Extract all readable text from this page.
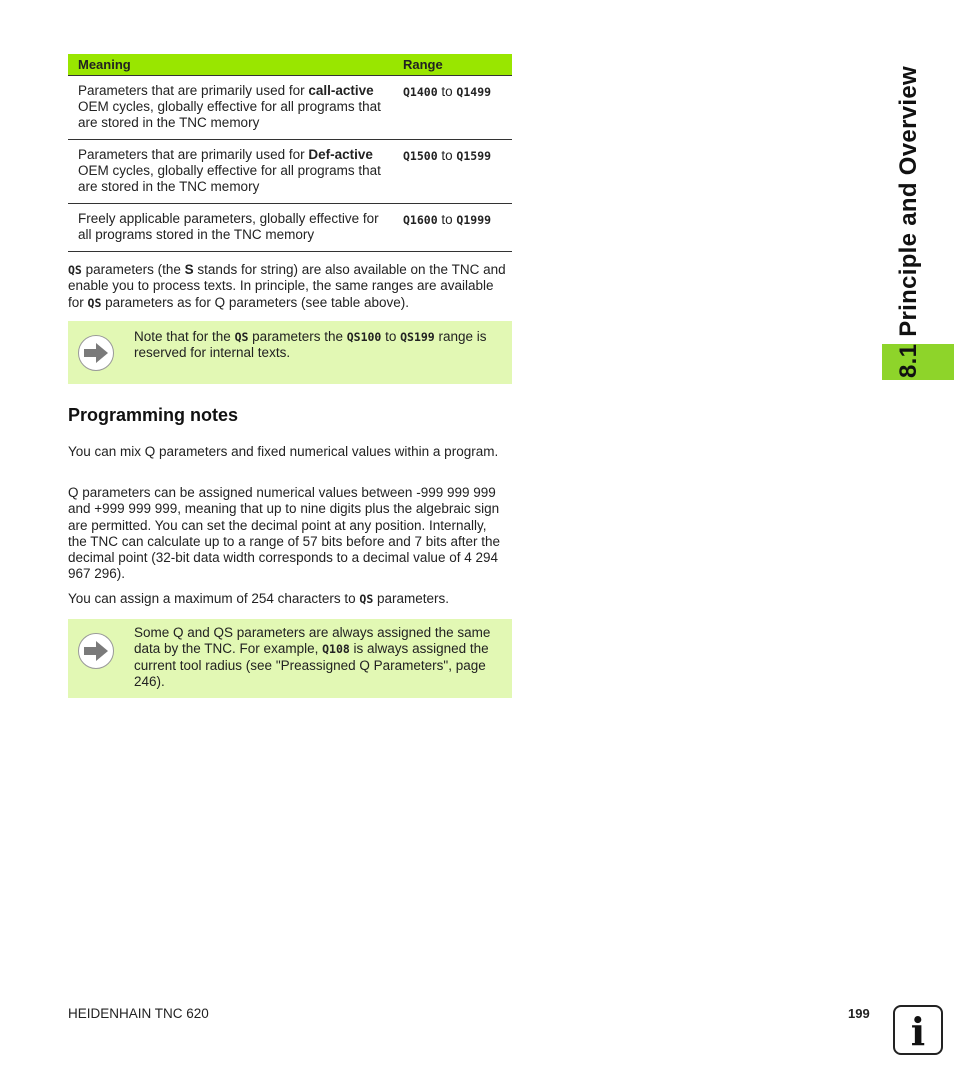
Meaning	Range
Parameters that are primarily used for call-active OEM cycles, globally effective for all programs that are stored in the TNC memory	Q1400 to Q1499
Parameters that are primarily used for Def-active OEM cycles, globally effective for all programs that are stored in the TNC memory	Q1500 to Q1599
Freely applicable parameters, globally effective for all programs stored in the TNC memory	Q1600 to Q1999

QS parameters (the S stands for string) are also available on the TNC and enable you to process texts. In principle, the same ranges are available for QS parameters as for Q parameters (see table above).

Note that for the QS parameters the QS100 to QS199 range is reserved for internal texts.
Programming notes

You can mix Q parameters and fixed numerical values within a program.

Q parameters can be assigned numerical values between -999 999 999 and +999 999 999, meaning that up to nine digits plus the algebraic sign are permitted. You can set the decimal point at any position. Internally, the TNC can calculate up to a range of 57 bits before and 7 bits after the decimal point (32-bit data width corresponds to a decimal value of 4 294 967 296).

You can assign a maximum of 254 characters to QS parameters.

Some Q and QS parameters are always assigned the same data by the TNC. For example, Q108 is always assigned the current tool radius (see "Preassigned Q Parameters", page 246).
8.1 Principle and Overview
HEIDENHAIN TNC 620	199	i
